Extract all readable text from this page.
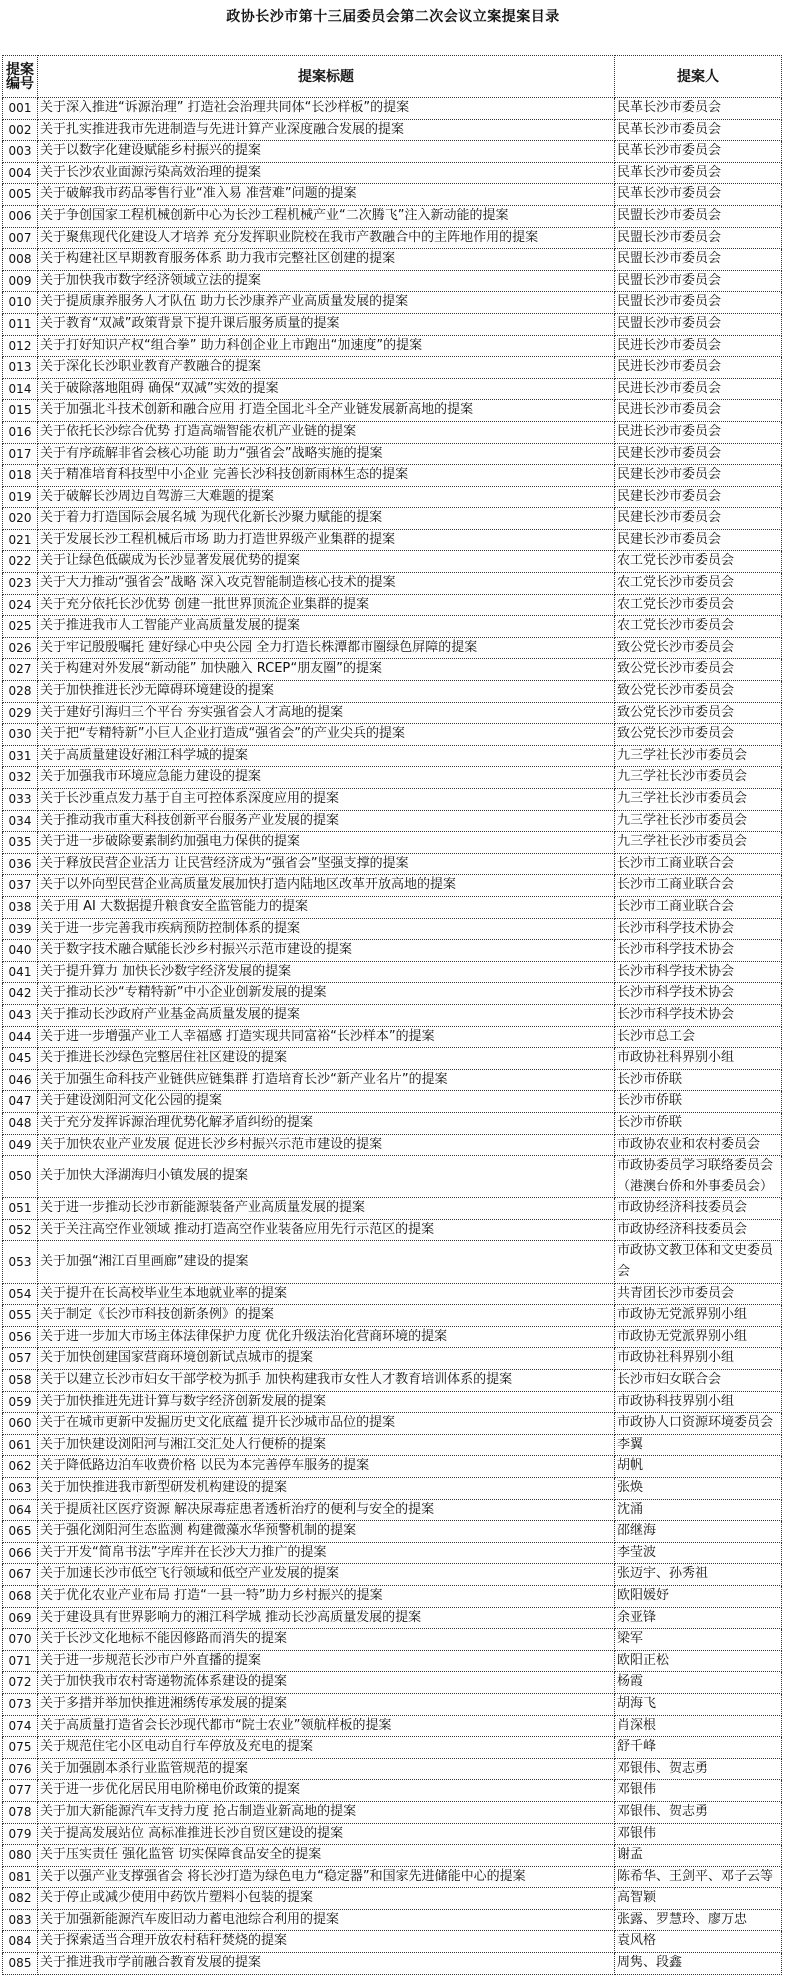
政协长沙市第十三届委员会第二次会议立案提案目录
提案编号	提案标题	提案人
001	关于深入推进“诉源治理” 打造社会治理共同体“长沙样板”的提案	民革长沙市委员会
002	关于扎实推进我市先进制造与先进计算产业深度融合发展的提案	民革长沙市委员会
003	关于以数字化建设赋能乡村振兴的提案	民革长沙市委员会
004	关于长沙农业面源污染高效治理的提案	民革长沙市委员会
005	关于破解我市药品零售行业“准入易 准营难”问题的提案	民革长沙市委员会
006	关于争创国家工程机械创新中心为长沙工程机械产业“二次腾飞”注入新动能的提案	民盟长沙市委员会
007	关于聚焦现代化建设人才培养 充分发挥职业院校在我市产教融合中的主阵地作用的提案	民盟长沙市委员会
008	关于构建社区早期教育服务体系 助力我市完整社区创建的提案	民盟长沙市委员会
009	关于加快我市数字经济领域立法的提案	民盟长沙市委员会
010	关于提质康养服务人才队伍 助力长沙康养产业高质量发展的提案	民盟长沙市委员会
011	关于教育“双减”政策背景下提升课后服务质量的提案	民盟长沙市委员会
012	关于打好知识产权“组合拳” 助力科创企业上市跑出“加速度”的提案	民进长沙市委员会
013	关于深化长沙职业教育产教融合的提案	民进长沙市委员会
014	关于破除落地阻碍 确保“双减”实效的提案	民进长沙市委员会
015	关于加强北斗技术创新和融合应用 打造全国北斗全产业链发展新高地的提案	民进长沙市委员会
016	关于依托长沙综合优势 打造高端智能农机产业链的提案	民进长沙市委员会
017	关于有序疏解非省会核心功能 助力“强省会”战略实施的提案	民建长沙市委员会
018	关于精准培育科技型中小企业 完善长沙科技创新雨林生态的提案	民建长沙市委员会
019	关于破解长沙周边自驾游三大难题的提案	民建长沙市委员会
020	关于着力打造国际会展名城 为现代化新长沙聚力赋能的提案	民建长沙市委员会
021	关于发展长沙工程机械后市场 助力打造世界级产业集群的提案	民建长沙市委员会
022	关于让绿色低碳成为长沙显著发展优势的提案	农工党长沙市委员会
023	关于大力推动“强省会”战略 深入攻克智能制造核心技术的提案	农工党长沙市委员会
024	关于充分依托长沙优势 创建一批世界顶流企业集群的提案	农工党长沙市委员会
025	关于推进我市人工智能产业高质量发展的提案	农工党长沙市委员会
026	关于牢记殷殷嘱托 建好绿心中央公园 全力打造长株潭都市圈绿色屏障的提案	致公党长沙市委员会
027	关于构建对外发展“新动能” 加快融入 RCEP“朋友圈”的提案	致公党长沙市委员会
028	关于加快推进长沙无障碍环境建设的提案	致公党长沙市委员会
029	关于建好引海归三个平台 夯实强省会人才高地的提案	致公党长沙市委员会
030	关于把“专精特新”小巨人企业打造成“强省会”的产业尖兵的提案	致公党长沙市委员会
031	关于高质量建设好湘江科学城的提案	九三学社长沙市委员会
032	关于加强我市环境应急能力建设的提案	九三学社长沙市委员会
033	关于长沙重点发力基于自主可控体系深度应用的提案	九三学社长沙市委员会
034	关于推动我市重大科技创新平台服务产业发展的提案	九三学社长沙市委员会
035	关于进一步破除要素制约加强电力保供的提案	九三学社长沙市委员会
036	关于释放民营企业活力 让民营经济成为“强省会”坚强支撑的提案	长沙市工商业联合会
037	关于以外向型民营企业高质量发展加快打造内陆地区改革开放高地的提案	长沙市工商业联合会
038	关于用 AI 大数据提升粮食安全监管能力的提案	长沙市工商业联合会
039	关于进一步完善我市疾病预防控制体系的提案	长沙市科学技术协会
040	关于数字技术融合赋能长沙乡村振兴示范市建设的提案	长沙市科学技术协会
041	关于提升算力 加快长沙数字经济发展的提案	长沙市科学技术协会
042	关于推动长沙“专精特新”中小企业创新发展的提案	长沙市科学技术协会
043	关于推动长沙政府产业基金高质量发展的提案	长沙市科学技术协会
044	关于进一步增强产业工人幸福感 打造实现共同富裕“长沙样本”的提案	长沙市总工会
045	关于推进长沙绿色完整居住社区建设的提案	市政协社科界别小组
046	关于加强生命科技产业链供应链集群 打造培育长沙“新产业名片”的提案	长沙市侨联
047	关于建设浏阳河文化公园的提案	长沙市侨联
048	关于充分发挥诉源治理优势化解矛盾纠纷的提案	长沙市侨联
049	关于加快农业产业发展 促进长沙乡村振兴示范市建设的提案	市政协农业和农村委员会
050	关于加快大泽湖海归小镇发展的提案	市政协委员学习联络委员会（港澳台侨和外事委员会）
051	关于进一步推动长沙市新能源装备产业高质量发展的提案	市政协经济科技委员会
052	关于关注高空作业领域 推动打造高空作业装备应用先行示范区的提案	市政协经济科技委员会
053	关于加强“湘江百里画廊”建设的提案	市政协文教卫体和文史委员会
054	关于提升在长高校毕业生本地就业率的提案	共青团长沙市委员会
055	关于制定《长沙市科技创新条例》的提案	市政协无党派界别小组
056	关于进一步加大市场主体法律保护力度 优化升级法治化营商环境的提案	市政协无党派界别小组
057	关于加快创建国家营商环境创新试点城市的提案	市政协社科界别小组
058	关于以建立长沙市妇女干部学校为抓手 加快构建我市女性人才教育培训体系的提案	长沙市妇女联合会
059	关于加快推进先进计算与数字经济创新发展的提案	市政协科技界别小组
060	关于在城市更新中发掘历史文化底蕴 提升长沙城市品位的提案	市政协人口资源环境委员会
061	关于加快建设浏阳河与湘江交汇处人行便桥的提案	李翼
062	关于降低路边泊车收费价格 以民为本完善停车服务的提案	胡帆
063	关于加快推进我市新型研发机构建设的提案	张焕
064	关于提质社区医疗资源 解决尿毒症患者透析治疗的便利与安全的提案	沈涌
065	关于强化浏阳河生态监测 构建微藻水华预警机制的提案	邵继海
066	关于开发“简帛书法”字库并在长沙大力推广的提案	李莹波
067	关于加速长沙市低空飞行领域和低空产业发展的提案	张迈宇、孙秀祖
068	关于优化农业产业布局 打造“一县一特”助力乡村振兴的提案	欧阳媛妤
069	关于建设具有世界影响力的湘江科学城 推动长沙高质量发展的提案	余亚锋
070	关于长沙文化地标不能因修路而消失的提案	梁军
071	关于进一步规范长沙市户外直播的提案	欧阳正松
072	关于加快我市农村寄递物流体系建设的提案	杨霞
073	关于多措并举加快推进湘绣传承发展的提案	胡海飞
074	关于高质量打造省会长沙现代都市“院士农业”领航样板的提案	肖深根
075	关于规范住宅小区电动自行车停放及充电的提案	舒千峰
076	关于加强剧本杀行业监管规范的提案	邓银伟、贺志勇
077	关于进一步优化居民用电阶梯电价政策的提案	邓银伟
078	关于加大新能源汽车支持力度 抢占制造业新高地的提案	邓银伟、贺志勇
079	关于提高发展站位 高标准推进长沙自贸区建设的提案	邓银伟
080	关于压实责任 强化监管 切实保障食品安全的提案	谢孟
081	关于以强产业支撑强省会 将长沙打造为绿色电力“稳定器”和国家先进储能中心的提案	陈希华、王剑平、邓子云等
082	关于停止或减少使用中药饮片塑料小包装的提案	高智颖
083	关于加强新能源汽车废旧动力蓄电池综合利用的提案	张露、罗慧玲、廖万忠
084	关于探索适当合理开放农村秸秆焚烧的提案	袁风格
085	关于推进我市学前融合教育发展的提案	周隽、段鑫
